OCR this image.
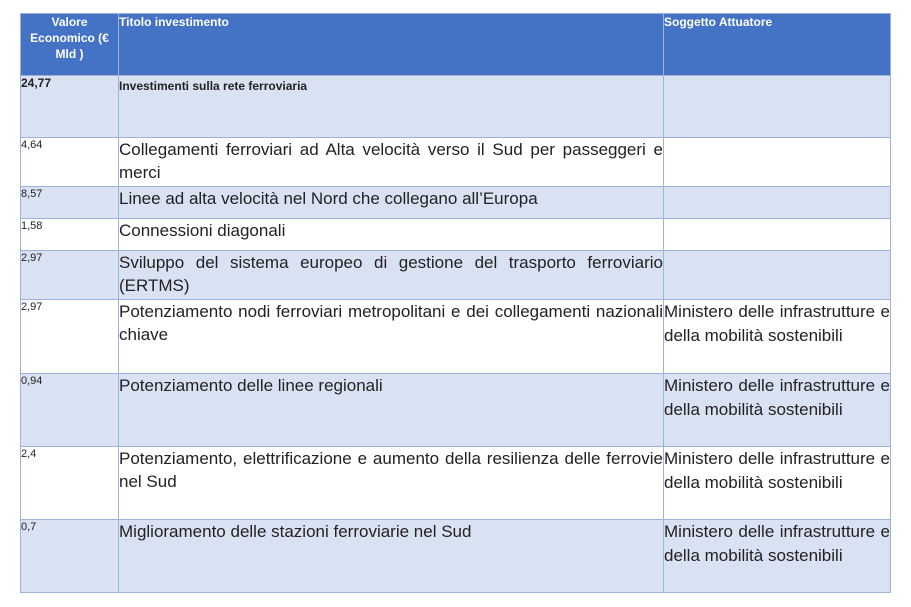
Valore Economico (€ Mld )	Titolo investimento	Soggetto Attuatore
24,77	Investimenti sulla rete ferroviaria	
4,64	Collegamenti ferroviari ad Alta velocità verso il Sud per passeggeri e merci	
8,57	Linee ad alta velocità nel Nord che collegano all’Europa	
1,58	Connessioni diagonali	
2,97	Sviluppo del sistema europeo di gestione del trasporto ferroviario (ERTMS)	
2,97	Potenziamento nodi ferroviari metropolitani e dei collegamenti nazionali chiave	Ministero delle infrastrutture e della mobilità sostenibili
0,94	Potenziamento delle linee regionali	Ministero delle infrastrutture e della mobilità sostenibili
2,4	Potenziamento, elettrificazione e aumento della resilienza delle ferrovie nel Sud	Ministero delle infrastrutture e della mobilità sostenibili
0,7	Miglioramento delle stazioni ferroviarie nel Sud	Ministero delle infrastrutture e della mobilità sostenibili
